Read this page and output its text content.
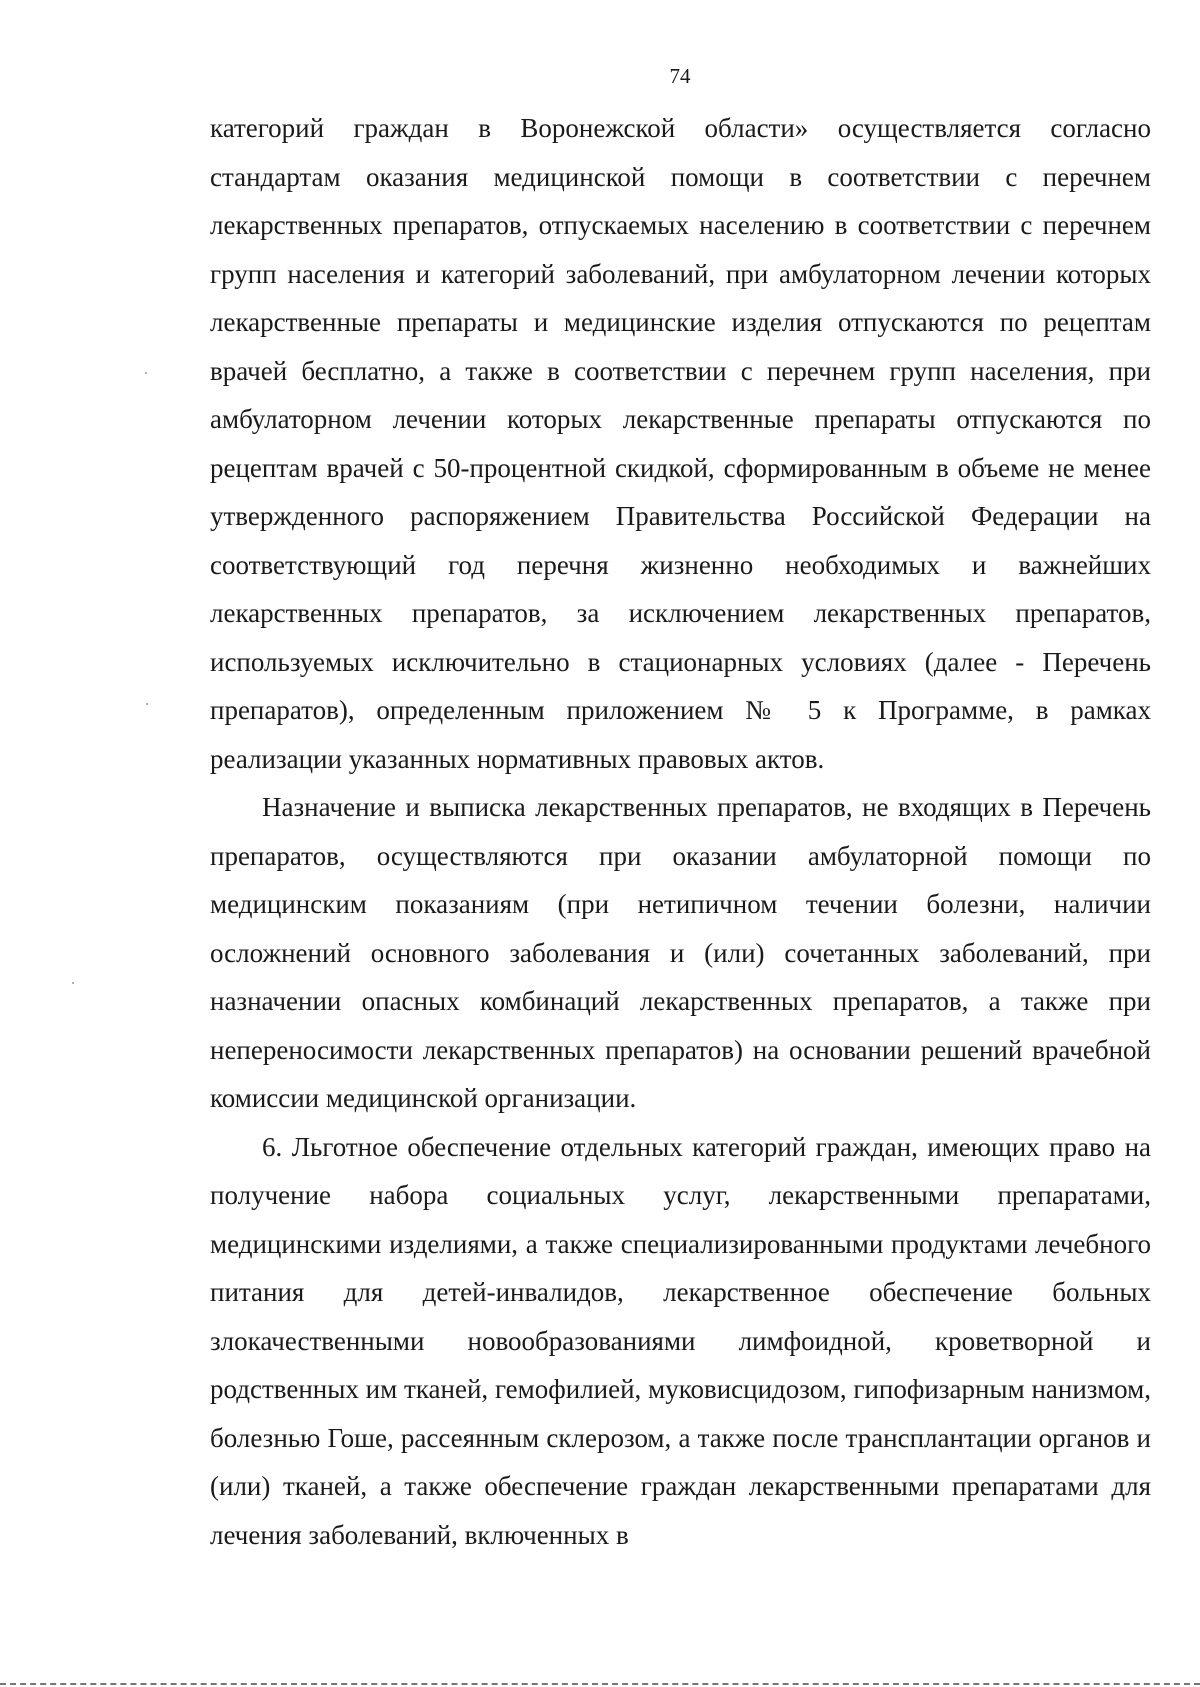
74

категорий граждан в Воронежской области» осуществляется согласно стандартам оказания медицинской помощи в соответствии с перечнем лекарственных препаратов, отпускаемых населению в соответствии с перечнем групп населения и категорий заболеваний, при амбулаторном лечении которых лекарственные препараты и медицинские изделия отпускаются по рецептам врачей бесплатно, а также в соответствии с перечнем групп населения, при амбулаторном лечении которых лекарственные препараты отпускаются по рецептам врачей с 50-процентной скидкой, сформированным в объеме не менее утвержденного распоряжением Правительства Российской Федерации на соответствующий год перечня жизненно необходимых и важнейших лекарственных препаратов, за исключением лекарственных препаратов, используемых исключительно в стационарных условиях (далее - Перечень препаратов), определенным приложением № 5 к Программе, в рамках реализации указанных нормативных правовых актов.

Назначение и выписка лекарственных препаратов, не входящих в Перечень препаратов, осуществляются при оказании амбулаторной помощи по медицинским показаниям (при нетипичном течении болезни, наличии осложнений основного заболевания и (или) сочетанных заболеваний, при назначении опасных комбинаций лекарственных препаратов, а также при непереносимости лекарственных препаратов) на основании решений врачебной комиссии медицинской организации.

6. Льготное обеспечение отдельных категорий граждан, имеющих право на получение набора социальных услуг, лекарственными препаратами, медицинскими изделиями, а также специализированными продуктами лечебного питания для детей-инвалидов, лекарственное обеспечение больных злокачественными новообразованиями лимфоидной, кроветворной и родственных им тканей, гемофилией, муковисцидозом, гипофизарным нанизмом, болезнью Гоше, рассеянным склерозом, а также после трансплантации органов и (или) тканей, а также обеспечение граждан лекарственными препаратами для лечения заболеваний, включенных в
